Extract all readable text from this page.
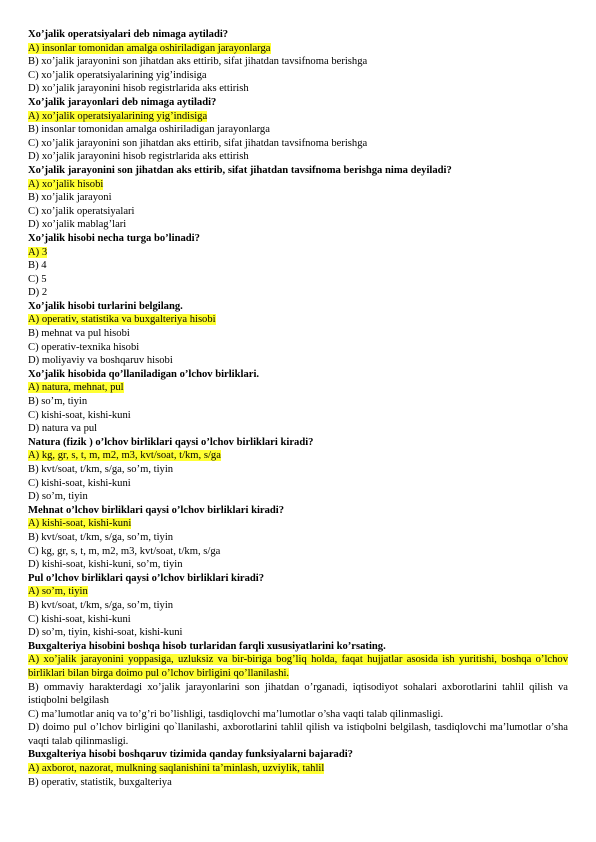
Xo’jalik operatsiyalari deb nimaga aytiladi?
A) insonlar tomonidan amalga oshiriladigan jarayonlarga
B) xo’jalik jarayonini son jihatdan aks ettirib, sifat jihatdan tavsifnoma berishga
C) xo’jalik operatsiyalarining yig’indisiga
D) xo’jalik jarayonini hisob registrlarida aks ettirish
Xo’jalik jarayonlari deb nimaga aytiladi?
A) xo’jalik operatsiyalarining yig’indisiga
B) insonlar tomonidan amalga oshiriladigan jarayonlarga
C) xo’jalik jarayonini son jihatdan aks ettirib, sifat jihatdan tavsifnoma berishga
D) xo’jalik jarayonini hisob registrlarida aks ettirish
Xo’jalik jarayonini son jihatdan aks ettirib, sifat jihatdan tavsifnoma berishga nima deyiladi?
A) xo’jalik hisobi
B) xo’jalik jarayoni
C) xo’jalik operatsiyalari
D) xo’jalik mablag’lari
Xo’jalik hisobi necha turga bo’linadi?
A) 3
B) 4
C) 5
D) 2
Xo’jalik hisobi turlarini belgilang.
A) operativ, statistika va buxgalteriya hisobi
B) mehnat va pul hisobi
C) operativ-texnika hisobi
D) moliyaviy va boshqaruv hisobi
Xo’jalik hisobida qo’llaniladigan o’lchov birliklari.
A) natura, mehnat, pul
B) so’m, tiyin
C) kishi-soat, kishi-kuni
D) natura va pul
Natura (fizik ) o’lchov birliklari qaysi o’lchov birliklari kiradi?
A) kg, gr, s, t, m, m2, m3, kvt/soat, t/km, s/ga
B) kvt/soat, t/km, s/ga, so’m, tiyin
C) kishi-soat, kishi-kuni
D) so’m, tiyin
Mehnat o’lchov birliklari qaysi o’lchov birliklari kiradi?
A) kishi-soat, kishi-kuni
B) kvt/soat, t/km, s/ga, so’m, tiyin
C) kg, gr, s, t, m, m2, m3, kvt/soat, t/km, s/ga
D) kishi-soat, kishi-kuni, so’m, tiyin
Pul o’lchov birliklari qaysi o’lchov birliklari kiradi?
A) so’m, tiyin
B) kvt/soat, t/km, s/ga, so’m, tiyin
C) kishi-soat, kishi-kuni
D) so’m, tiyin, kishi-soat, kishi-kuni
Buxgalteriya hisobini boshqa hisob turlaridan farqli xususiyatlarini ko’rsating.
A) xo’jalik jarayonini yoppasiga, uzluksiz va bir-biriga bog’liq holda, faqat hujjatlar asosida ish yuritishi, boshqa o’lchov birliklari bilan birga doimo pul o’lchov birligini qo’llanilashi.
B) ommaviy harakterdagi xo’jalik jarayonlarini son jihatdan o’rganadi, iqtisodiyot sohalari axborotlarini tahlil qilish va istiqbolni belgilash
C) ma’lumotlar aniq va to’g’ri bo’lishligi, tasdiqlovchi ma’lumotlar o’sha vaqti talab qilinmasligi.
D) doimo pul o’lchov birligini qo`llanilashi, axborotlarini tahlil qilish va istiqbolni belgilash, tasdiqlovchi ma’lumotlar o’sha vaqti talab qilinmasligi.
Buxgalteriya hisobi boshqaruv tizimida qanday funksiyalarni bajaradi?
A) axborot, nazorat, mulkning saqlanishini ta’minlash, uzviylik, tahlil
B) operativ, statistik, buxgalteriya
